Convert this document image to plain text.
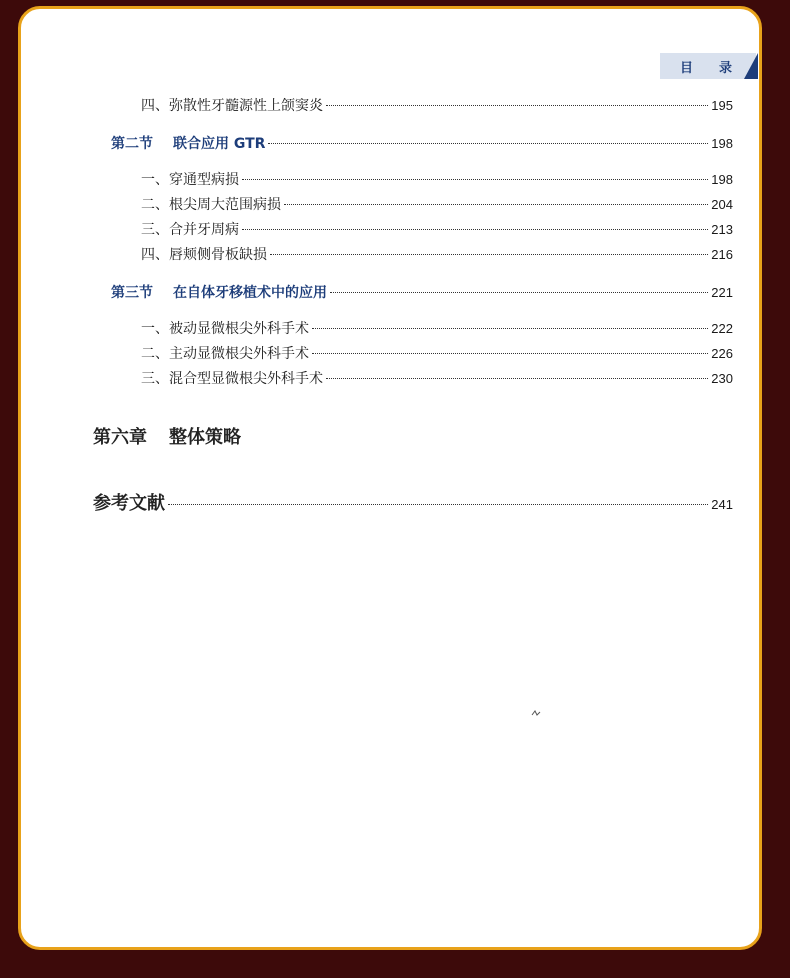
目 录
四、弥散性牙髓源性上颌窦炎	195
第二节 联合应用 GTR	198
一、穿通型病损	198
二、根尖周大范围病损	204
三、合并牙周病	213
四、唇颊侧骨板缺损	216
第三节 在自体牙移植术中的应用	221
一、被动显微根尖外科手术	222
二、主动显微根尖外科手术	226
三、混合型显微根尖外科手术	230
第六章 整体策略
参考文献	241
